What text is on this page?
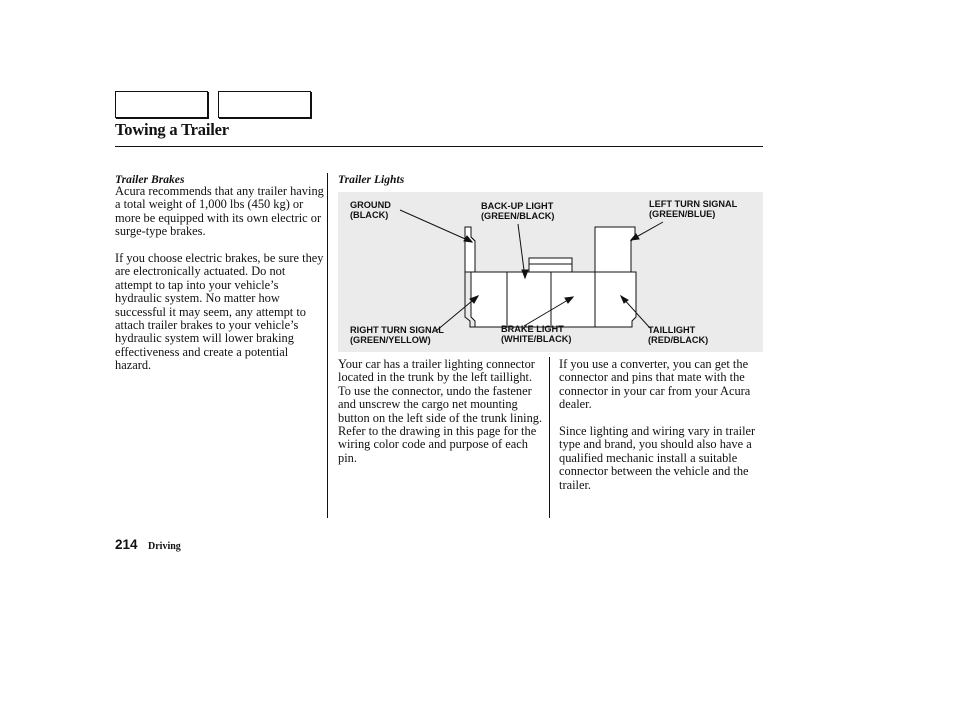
Towing a Trailer
Trailer Brakes

Acura recommends that any trailer having a total weight of 1,000 lbs (450 kg) or more be equipped with its own electric or surge-type brakes.

If you choose electric brakes, be sure they are electronically actuated. Do not attempt to tap into your vehicle’s hydraulic system. No matter how successful it may seem, any attempt to attach trailer brakes to your vehicle’s hydraulic system will lower braking effectiveness and create a potential hazard.

Trailer Lights
GROUND
(BLACK)
BACK-UP LIGHT
(GREEN/BLACK)
LEFT TURN SIGNAL
(GREEN/BLUE)
RIGHT TURN SIGNAL
(GREEN/YELLOW)
BRAKE LIGHT
(WHITE/BLACK)
TAILLIGHT
(RED/BLACK)

Your car has a trailer lighting connector located in the trunk by the left taillight. To use the connector, undo the fastener and unscrew the cargo net mounting button on the left side of the trunk lining. Refer to the drawing in this page for the wiring color code and purpose of each pin.

If you use a converter, you can get the connector and pins that mate with the connector in your car from your Acura dealer.

Since lighting and wiring vary in trailer type and brand, you should also have a qualified mechanic install a suitable connector between the vehicle and the trailer.

214 Driving
